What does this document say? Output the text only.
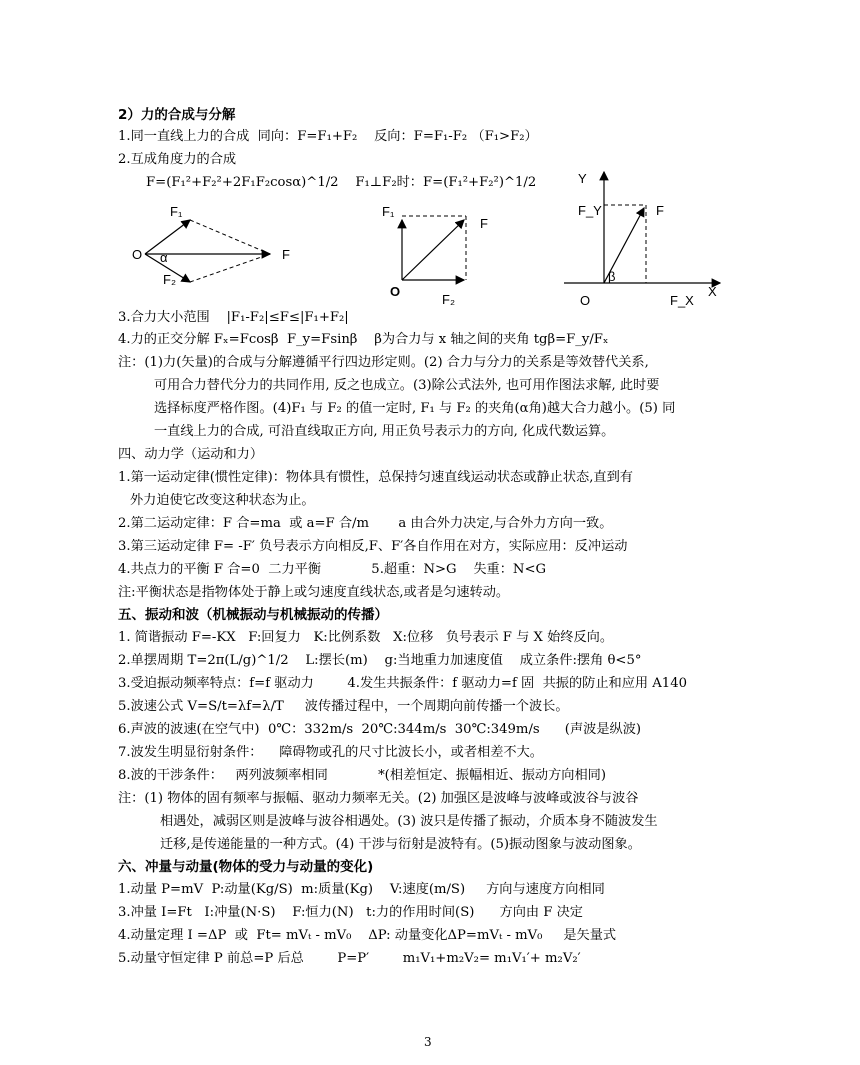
2）力的合成与分解
1.同一直线上力的合成  同向：F=F₁+F₂    反向：F=F₁-F₂ （F₁>F₂）
2.互成角度力的合成
F=(F₁²+F₂²+2F₁F₂cosα)^1/2    F₁⊥F₂时：F=(F₁²+F₂²)^1/2
F₁
O α
F₂
F
F₁
F
O
F₂
Y
F_Y	F
β
O	F_X
X
3.合力大小范围    |F₁-F₂|≤F≤|F₁+F₂|
4.力的正交分解 Fₓ=Fcosβ  F_y=Fsinβ    β为合力与 x 轴之间的夹角 tgβ=F_y/Fₓ
注：(1)力(矢量)的合成与分解遵循平行四边形定则。(2) 合力与分力的关系是等效替代关系,
可用合力替代分力的共同作用, 反之也成立。(3)除公式法外, 也可用作图法求解, 此时要
选择标度严格作图。(4)F₁ 与 F₂ 的值一定时, F₁ 与 F₂ 的夹角(α角)越大合力越小。(5) 同
一直线上力的合成, 可沿直线取正方向, 用正负号表示力的方向, 化成代数运算。
四、动力学（运动和力）
1.第一运动定律(惯性定律)：物体具有惯性，总保持匀速直线运动状态或静止状态,直到有
外力迫使它改变这种状态为止。
2.第二运动定律：F 合=ma  或 a=F 合/m       a 由合外力决定,与合外力方向一致。
3.第三运动定律 F= -F′ 负号表示方向相反,F、F′各自作用在对方，实际应用：反冲运动
4.共点力的平衡 F 合=0  二力平衡            5.超重：N>G    失重：N<G
注:平衡状态是指物体处于静上或匀速度直线状态,或者是匀速转动。
五、振动和波（机械振动与机械振动的传播）
1. 简谐振动 F=-KX   F:回复力   K:比例系数   X:位移   负号表示 F 与 X 始终反向。
2.单摆周期 T=2π(L/g)^1/2    L:摆长(m)    g:当地重力加速度值    成立条件:摆角 θ<5°
3.受迫振动频率特点：f=f 驱动力        4.发生共振条件：f 驱动力=f 固  共振的防止和应用 A140
5.波速公式 V=S/t=λf=λ/T     波传播过程中，一个周期向前传播一个波长。
6.声波的波速(在空气中)  0℃：332m/s  20℃:344m/s  30℃:349m/s      (声波是纵波)
7.波发生明显衍射条件：    障碍物或孔的尺寸比波长小，或者相差不大。
8.波的干涉条件：   两列波频率相同            *(相差恒定、振幅相近、振动方向相同)
注：(1) 物体的固有频率与振幅、驱动力频率无关。(2) 加强区是波峰与波峰或波谷与波谷
相遇处，减弱区则是波峰与波谷相遇处。(3) 波只是传播了振动，介质本身不随波发生
迁移,是传递能量的一种方式。(4) 干涉与衍射是波特有。(5)振动图象与波动图象。
六、冲量与动量(物体的受力与动量的变化)
1.动量 P=mV  P:动量(Kg/S)  m:质量(Kg)    V:速度(m/S)     方向与速度方向相同
3.冲量 I=Ft   I:冲量(N·S)    F:恒力(N)   t:力的作用时间(S)      方向由 F 决定
4.动量定理 I =ΔP  或  Ft= mVₜ - mV₀    ΔP: 动量变化ΔP=mVₜ - mV₀     是矢量式
5.动量守恒定律 P 前总=P 后总        P=P′        m₁V₁+m₂V₂= m₁V₁′+ m₂V₂′
3
